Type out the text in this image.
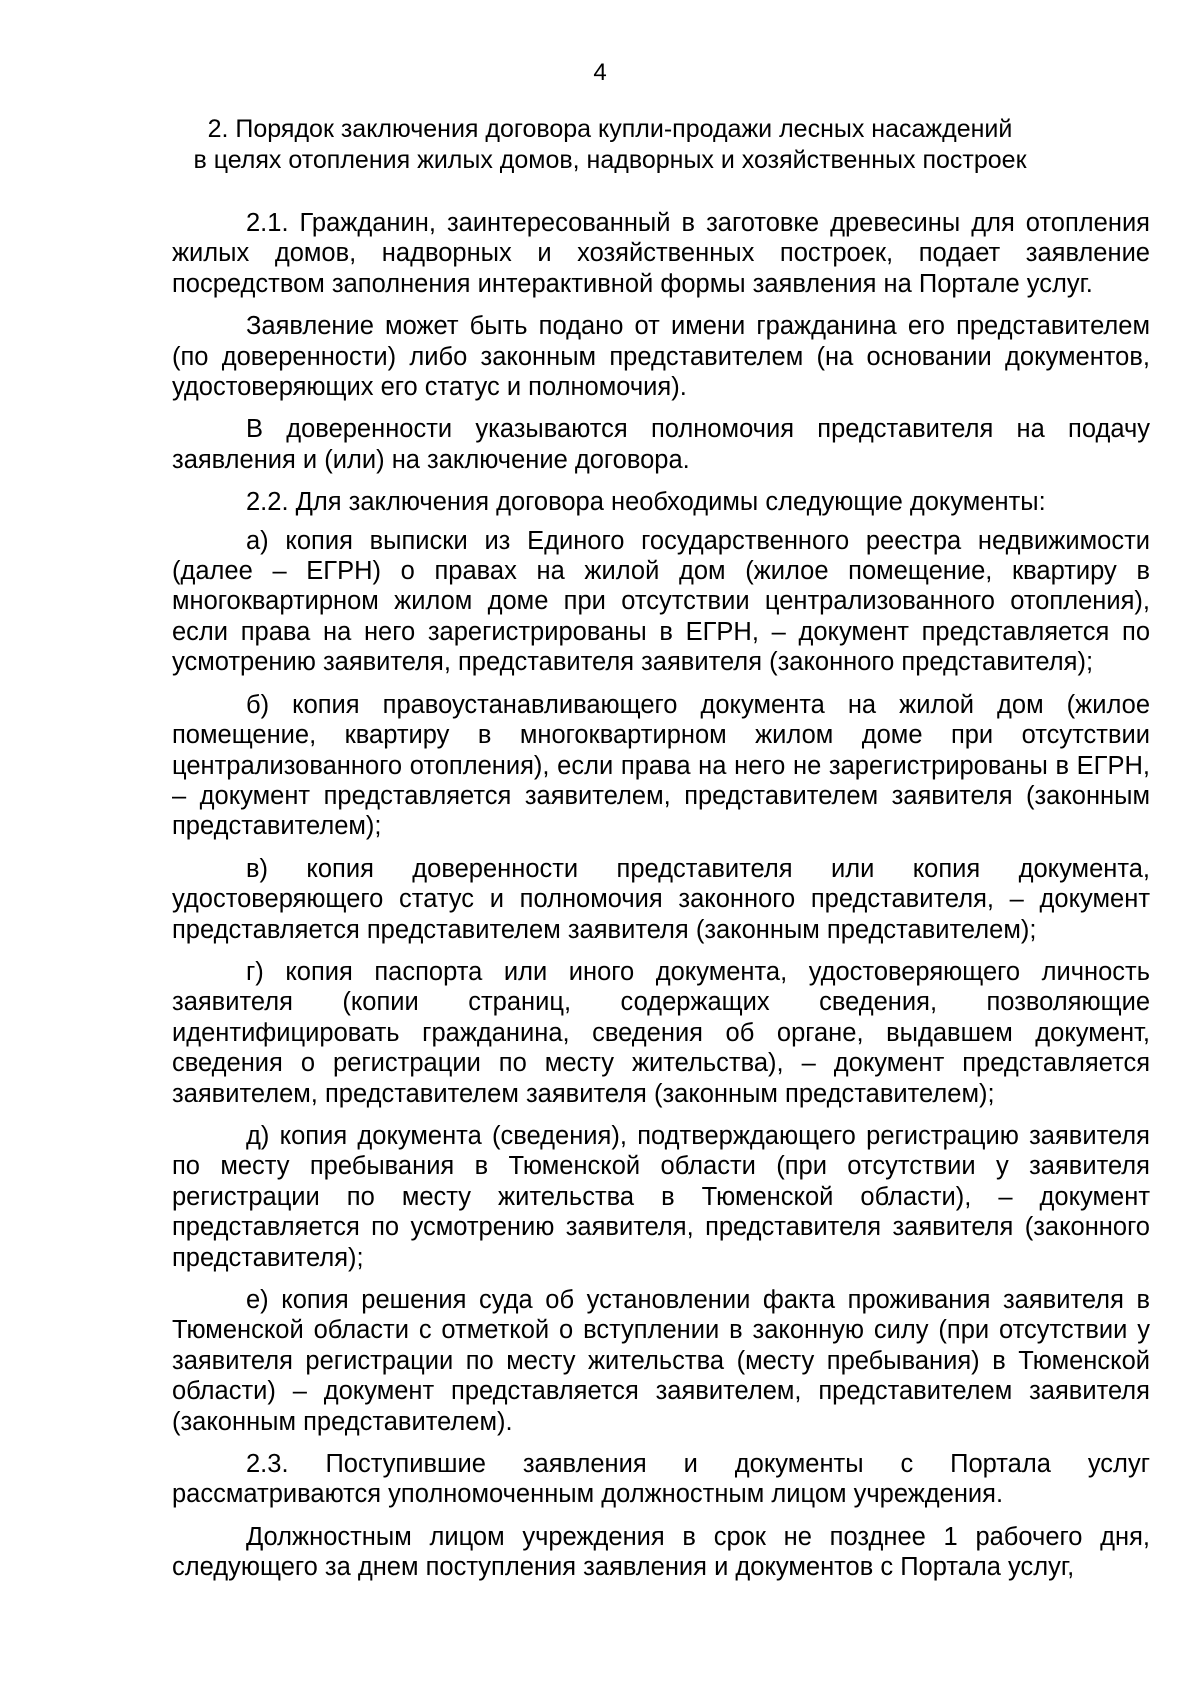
4
2. Порядок заключения договора купли-продажи лесных насаждений
в целях отопления жилых домов, надворных и хозяйственных построек

2.1. Гражданин, заинтересованный в заготовке древесины для отопления жилых домов, надворных и хозяйственных построек, подает заявление посредством заполнения интерактивной формы заявления на Портале услуг.

Заявление может быть подано от имени гражданина его представителем (по доверенности) либо законным представителем (на основании документов, удостоверяющих его статус и полномочия).

В доверенности указываются полномочия представителя на подачу заявления и (или) на заключение договора.

2.2. Для заключения договора необходимы следующие документы:

а) копия выписки из Единого государственного реестра недвижимости (далее – ЕГРН) о правах на жилой дом (жилое помещение, квартиру в многоквартирном жилом доме при отсутствии централизованного отопления), если права на него зарегистрированы в ЕГРН, – документ представляется по усмотрению заявителя, представителя заявителя (законного представителя);

б) копия правоустанавливающего документа на жилой дом (жилое помещение, квартиру в многоквартирном жилом доме при отсутствии централизованного отопления), если права на него не зарегистрированы в ЕГРН, – документ представляется заявителем, представителем заявителя (законным представителем);

в) копия доверенности представителя или копия документа, удостоверяющего статус и полномочия законного представителя, – документ представляется представителем заявителя (законным представителем);

г) копия паспорта или иного документа, удостоверяющего личность заявителя (копии страниц, содержащих сведения, позволяющие идентифицировать гражданина, сведения об органе, выдавшем документ, сведения о регистрации по месту жительства), – документ представляется заявителем, представителем заявителя (законным представителем);

д) копия документа (сведения), подтверждающего регистрацию заявителя по месту пребывания в Тюменской области (при отсутствии у заявителя регистрации по месту жительства в Тюменской области), – документ представляется по усмотрению заявителя, представителя заявителя (законного представителя);

е) копия решения суда об установлении факта проживания заявителя в Тюменской области с отметкой о вступлении в законную силу (при отсутствии у заявителя регистрации по месту жительства (месту пребывания) в Тюменской области) – документ представляется заявителем, представителем заявителя (законным представителем).

2.3. Поступившие заявления и документы с Портала услуг рассматриваются уполномоченным должностным лицом учреждения.

Должностным лицом учреждения в срок не позднее 1 рабочего дня, следующего за днем поступления заявления и документов с Портала услуг,
